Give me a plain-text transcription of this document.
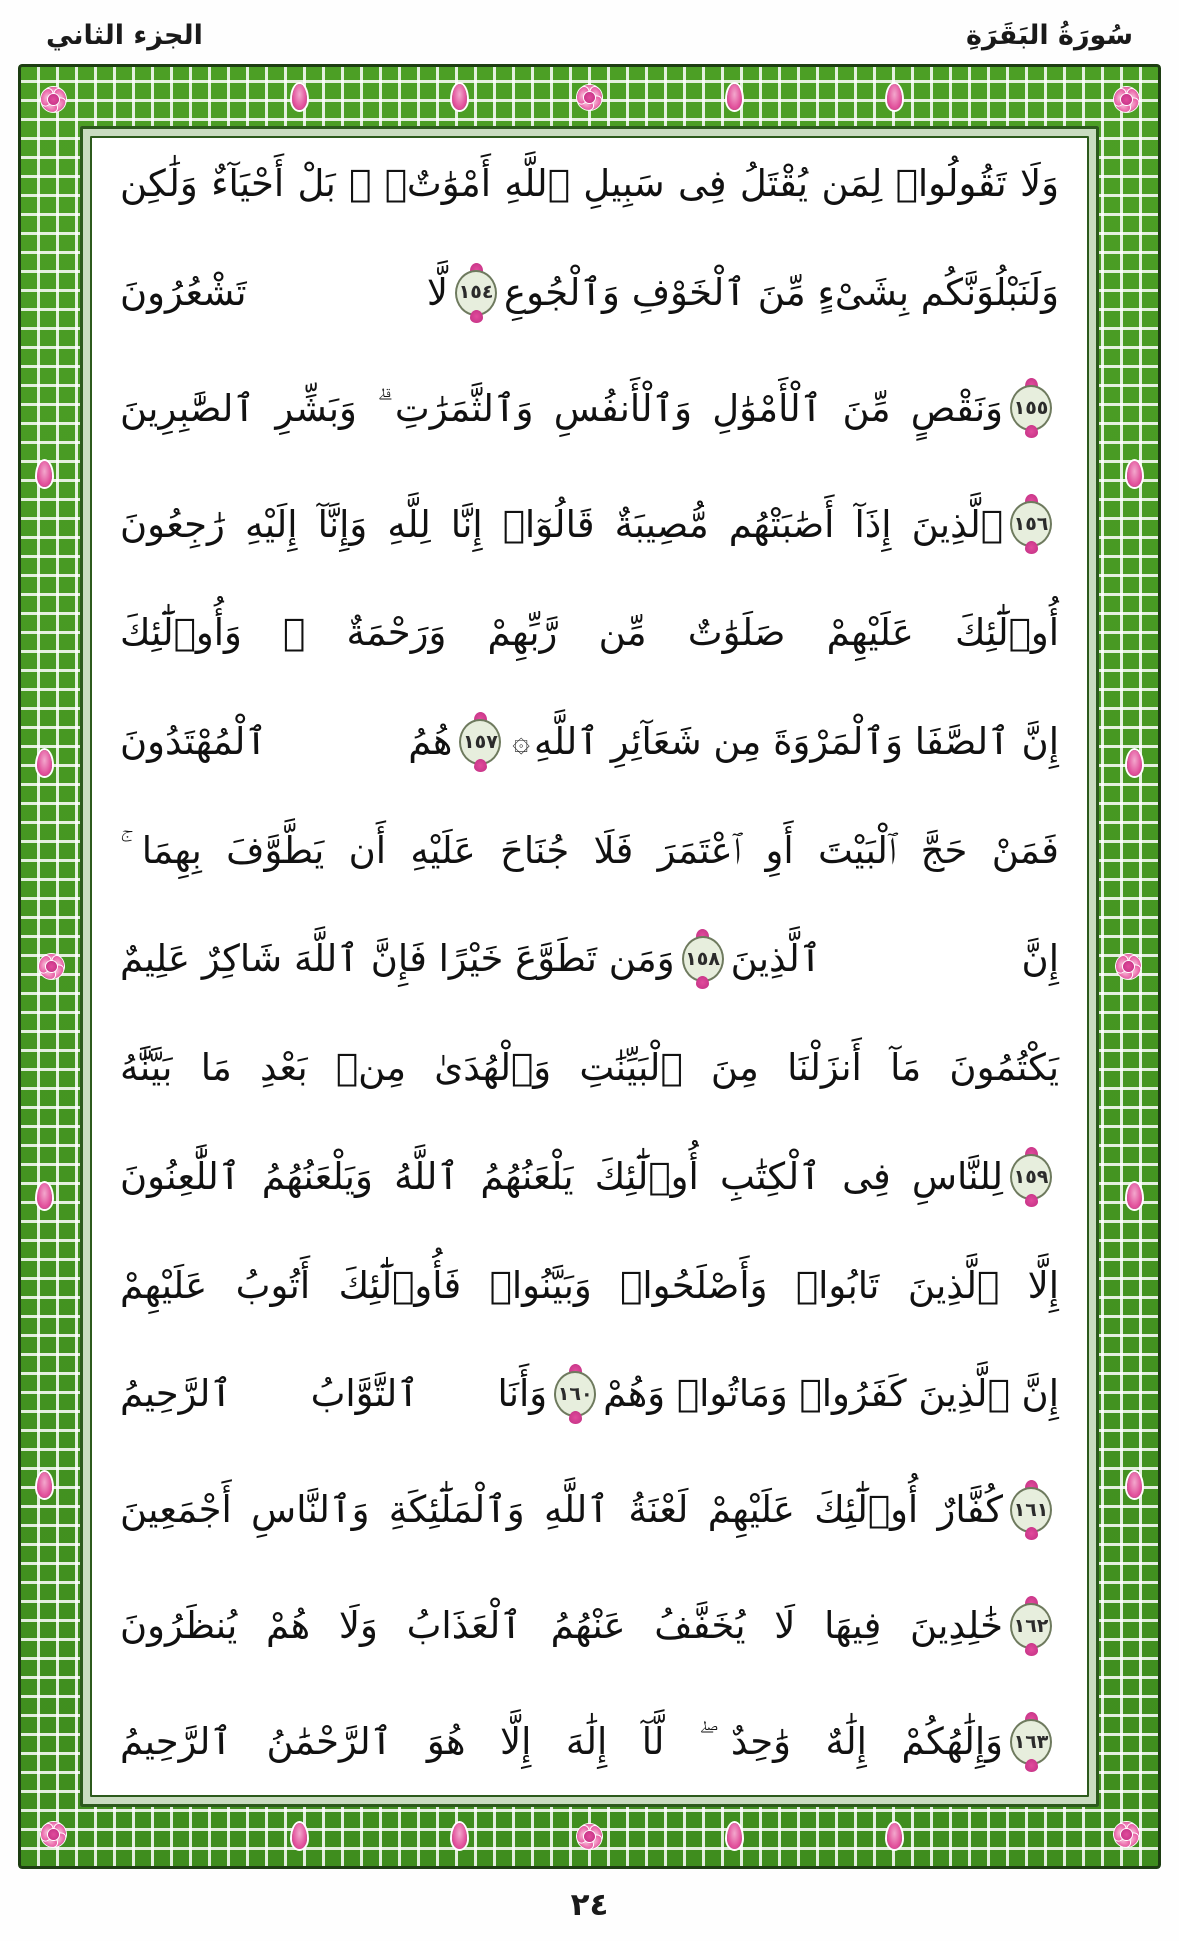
الجزء الثاني	سُورَةُ البَقَرَةِ
وَلَا تَقُولُوا۟ لِمَن يُقْتَلُ فِى سَبِيلِ ٱللَّهِ أَمْوَٰتٌۢ ۚ بَلْ أَحْيَآءٌ وَلَٰكِن
وَلَنَبْلُوَنَّكُم بِشَىْءٍ مِّنَ ٱلْخَوْفِ وَٱلْجُوعِ
١٥٤
لَّا تَشْعُرُونَ
١٥٥
وَنَقْصٍ مِّنَ ٱلْأَمْوَٰلِ وَٱلْأَنفُسِ وَٱلثَّمَرَٰتِ ۗ وَبَشِّرِ ٱلصَّٰبِرِينَ
١٥٦
ٱلَّذِينَ إِذَآ أَصَٰبَتْهُم مُّصِيبَةٌ قَالُوٓا۟ إِنَّا لِلَّهِ وَإِنَّآ إِلَيْهِ رَٰجِعُونَ
أُو۟لَٰٓئِكَ عَلَيْهِمْ صَلَوَٰتٌ مِّن رَّبِّهِمْ وَرَحْمَةٌ ۖ وَأُو۟لَٰٓئِكَ
إِنَّ ٱلصَّفَا وَٱلْمَرْوَةَ مِن شَعَآئِرِ ٱللَّهِ
۞
١٥٧
هُمُ ٱلْمُهْتَدُونَ
فَمَنْ حَجَّ ٱلْبَيْتَ أَوِ ٱعْتَمَرَ فَلَا جُنَاحَ عَلَيْهِ أَن يَطَّوَّفَ بِهِمَا ۚ
إِنَّ ٱلَّذِينَ
١٥٨
وَمَن تَطَوَّعَ خَيْرًا فَإِنَّ ٱللَّهَ شَاكِرٌ عَلِيمٌ
يَكْتُمُونَ مَآ أَنزَلْنَا مِنَ ٱلْبَيِّنَٰتِ وَٱلْهُدَىٰ مِنۢ بَعْدِ مَا بَيَّنَّٰهُ
١٥٩
لِلنَّاسِ فِى ٱلْكِتَٰبِ أُو۟لَٰٓئِكَ يَلْعَنُهُمُ ٱللَّهُ وَيَلْعَنُهُمُ ٱللَّٰعِنُونَ
إِلَّا ٱلَّذِينَ تَابُوا۟ وَأَصْلَحُوا۟ وَبَيَّنُوا۟ فَأُو۟لَٰٓئِكَ أَتُوبُ عَلَيْهِمْ
إِنَّ ٱلَّذِينَ كَفَرُوا۟ وَمَاتُوا۟ وَهُمْ
١٦٠
وَأَنَا ٱلتَّوَّابُ ٱلرَّحِيمُ
١٦١
كُفَّارٌ أُو۟لَٰٓئِكَ عَلَيْهِمْ لَعْنَةُ ٱللَّهِ وَٱلْمَلَٰٓئِكَةِ وَٱلنَّاسِ أَجْمَعِينَ
١٦٢
خَٰلِدِينَ فِيهَا لَا يُخَفَّفُ عَنْهُمُ ٱلْعَذَابُ وَلَا هُمْ يُنظَرُونَ
١٦٣
وَإِلَٰهُكُمْ إِلَٰهٌ وَٰحِدٌ ۖ لَّآ إِلَٰهَ إِلَّا هُوَ ٱلرَّحْمَٰنُ ٱلرَّحِيمُ
٢٤
